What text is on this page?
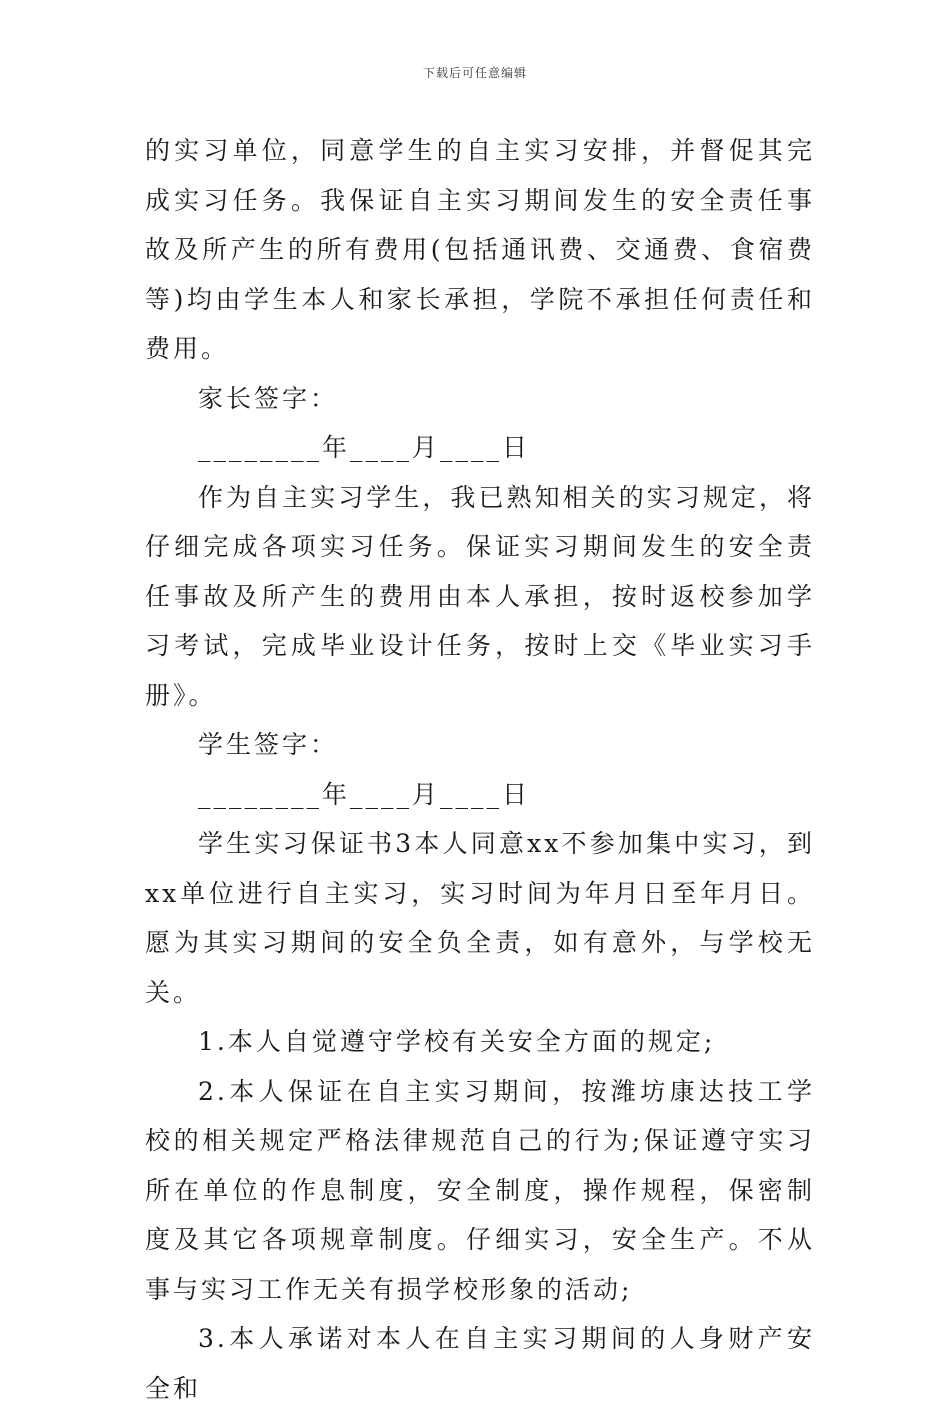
下载后可任意编辑

的实习单位，同意学生的自主实习安排，并督促其完成实习任务。我保证自主实习期间发生的安全责任事故及所产生的所有费用(包括通讯费、交通费、食宿费等)均由学生本人和家长承担，学院不承担任何责任和费用。

家长签字：

________年____月____日

作为自主实习学生，我已熟知相关的实习规定，将仔细完成各项实习任务。保证实习期间发生的安全责任事故及所产生的费用由本人承担，按时返校参加学习考试，完成毕业设计任务，按时上交《毕业实习手册》。

学生签字：

________年____月____日

学生实习保证书3本人同意xx不参加集中实习，到xx单位进行自主实习，实习时间为年月日至年月日。愿为其实习期间的安全负全责，如有意外，与学校无关。

1.本人自觉遵守学校有关安全方面的规定;

2.本人保证在自主实习期间，按潍坊康达技工学校的相关规定严格法律规范自己的行为;保证遵守实习所在单位的作息制度，安全制度，操作规程，保密制度及其它各项规章制度。仔细实习，安全生产。不从事与实习工作无关有损学校形象的活动;

3.本人承诺对本人在自主实习期间的人身财产安全和
